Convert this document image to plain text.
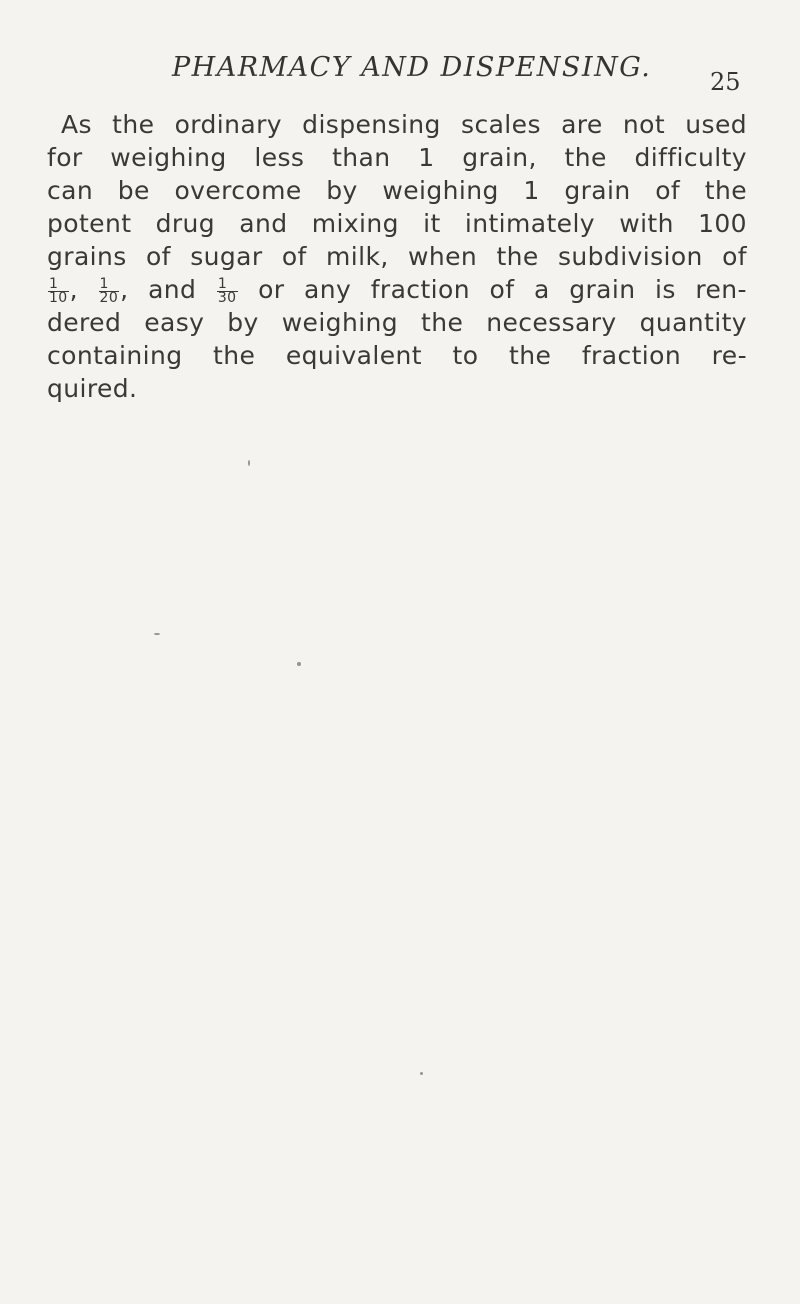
PHARMACY AND DISPENSING. 25
As the ordinary dispensing scales are not used
for weighing less than 1 grain, the difficulty
can be overcome by weighing 1 grain of the
potent drug and mixing it intimately with 100
grains of sugar of milk, when the subdivision of
$\frac{1}{10}$ , $\frac{1}{20}$ , and $\frac{1}{30}$ or any fraction of a grain is ren-
dered easy by weighing the necessary quantity
containing the equivalent to the fraction re-
quired.
